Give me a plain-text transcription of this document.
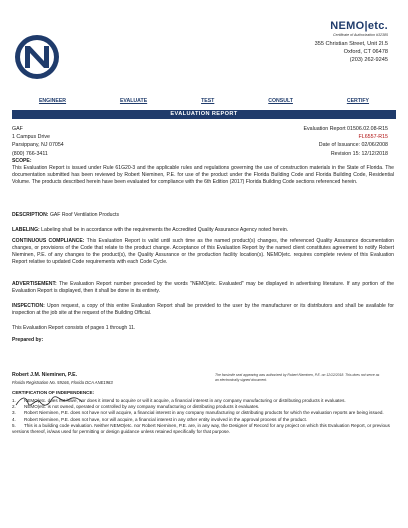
NEMO|etc.
Certificate of Authorization #32385
355 Christian Street, Unit 2I.5
Oxford, CT 06478
(203) 262-9245
ENGINEER	EVALUATE	TEST	CONSULT	CERTIFY
EVALUATION REPORT
GAF
1 Campus Drive
Parsippany, NJ 07054
(800) 766-3411
Evaluation Report 01506.02.08-R15
FL6557-R15
Date of Issuance: 02/06/2008
Revision 15: 12/12/2018
SCOPE:
This Evaluation Report is issued under Rule 61G20-3 and the applicable rules and regulations governing the use of construction materials in the State of Florida. The documentation submitted has been reviewed by Robert Nieminen, P.E. for use of the product under the Florida Building Code and Florida Building Code, Residential Volume. The products described herein have been evaluated for compliance with the 6th Edition (2017) Florida Building Code sections referenced herein.
DESCRIPTION: GAF Roof Ventilation Products
LABELING: Labeling shall be in accordance with the requirements the Accredited Quality Assurance Agency noted herein.
CONTINUOUS COMPLIANCE: This Evaluation Report is valid until such time as the named product(s) changes, the referenced Quality Assurance documentation changes, or provisions of the Code that relate to the product change. Acceptance of this Evaluation Report by the named client constitutes agreement to notify Robert Nieminen, P.E. of any changes to the product(s), the Quality Assurance or the production facility location(s). NEMO|etc. requires complete review of this Evaluation Report relative to updated Code requirements with each Code Cycle.
ADVERTISEMENT: The Evaluation Report number preceded by the words "NEMO|etc. Evaluated" may be displayed in advertising literature. If any portion of the Evaluation Report is displayed, then it shall be done in its entirety.
INSPECTION: Upon request, a copy of this entire Evaluation Report shall be provided to the user by the manufacturer or its distributors and shall be available for inspection at the job site at the request of the Building Official.
This Evaluation Report consists of pages 1 through 11.
Prepared by:
Robert J.M. Nieminen, P.E.
Florida Registration No. 59166, Florida DCA ANE1983
The facsimile seal appearing was authorized by Robert Nieminen, P.E. on 12/12/2018. This does not serve as an electronically signed document.
CERTIFICATION OF INDEPENDENCE:
1. NEMO|etc. does not have, nor does it intend to acquire or will it acquire, a financial interest in any company manufacturing or distributing products it evaluates.
2. NEMO|etc. is not owned, operated or controlled by any company manufacturing or distributing products it evaluates.
3. Robert Nieminen, P.E. does not have nor will acquire, a financial interest in any company manufacturing or distributing products for which the evaluation reports are being issued.
4. Robert Nieminen, P.E. does not have, nor will acquire, a financial interest in any other entity involved in the approval process of the product.
5. This is a building code evaluation. Neither NEMO|etc. nor Robert Nieminen, P.E. are, in any way, the Designer of Record for any project on which this Evaluation Report, or previous versions thereof, is/was used for permitting or design guidance unless retained specifically for that purpose.
